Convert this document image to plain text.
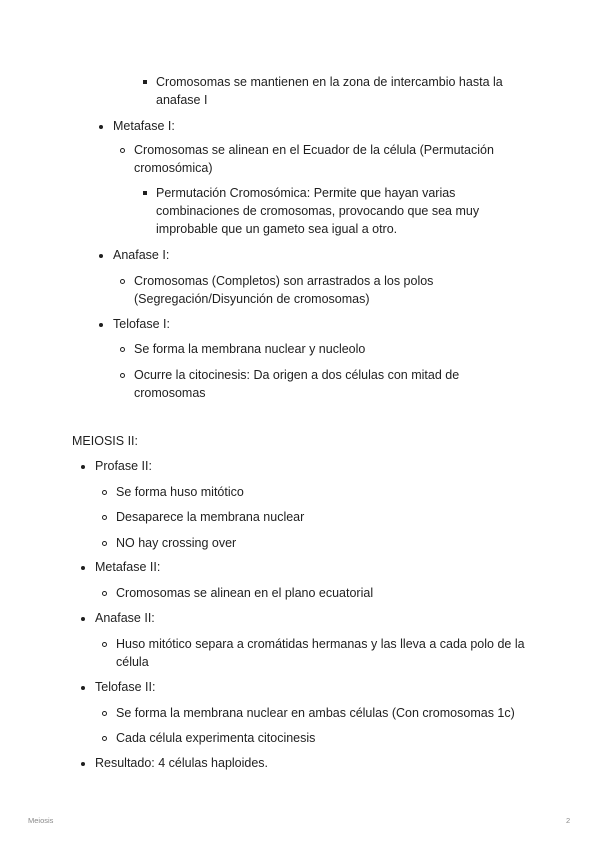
Cromosomas se mantienen en la zona de intercambio hasta la anafase I
Metafase I:
Cromosomas se alinean en el Ecuador de la célula (Permutación cromosómica)
Permutación Cromosómica: Permite que hayan varias combinaciones de cromosomas, provocando que sea muy improbable que un gameto sea igual a otro.
Anafase I:
Cromosomas (Completos) son arrastrados a los polos (Segregación/Disyunción de cromosomas)
Telofase I:
Se forma la membrana nuclear y nucleolo
Ocurre la citocinesis: Da origen a dos células con mitad de cromosomas
MEIOSIS II:
Profase II:
Se forma huso mitótico
Desaparece la membrana nuclear
NO hay crossing over
Metafase II:
Cromosomas se alinean en el plano ecuatorial
Anafase II:
Huso mitótico separa a cromátidas hermanas y las lleva a cada polo de la célula
Telofase II:
Se forma la membrana nuclear en ambas células (Con cromosomas 1c)
Cada célula experimenta citocinesis
Resultado: 4 células haploides.
Meiosis	2
